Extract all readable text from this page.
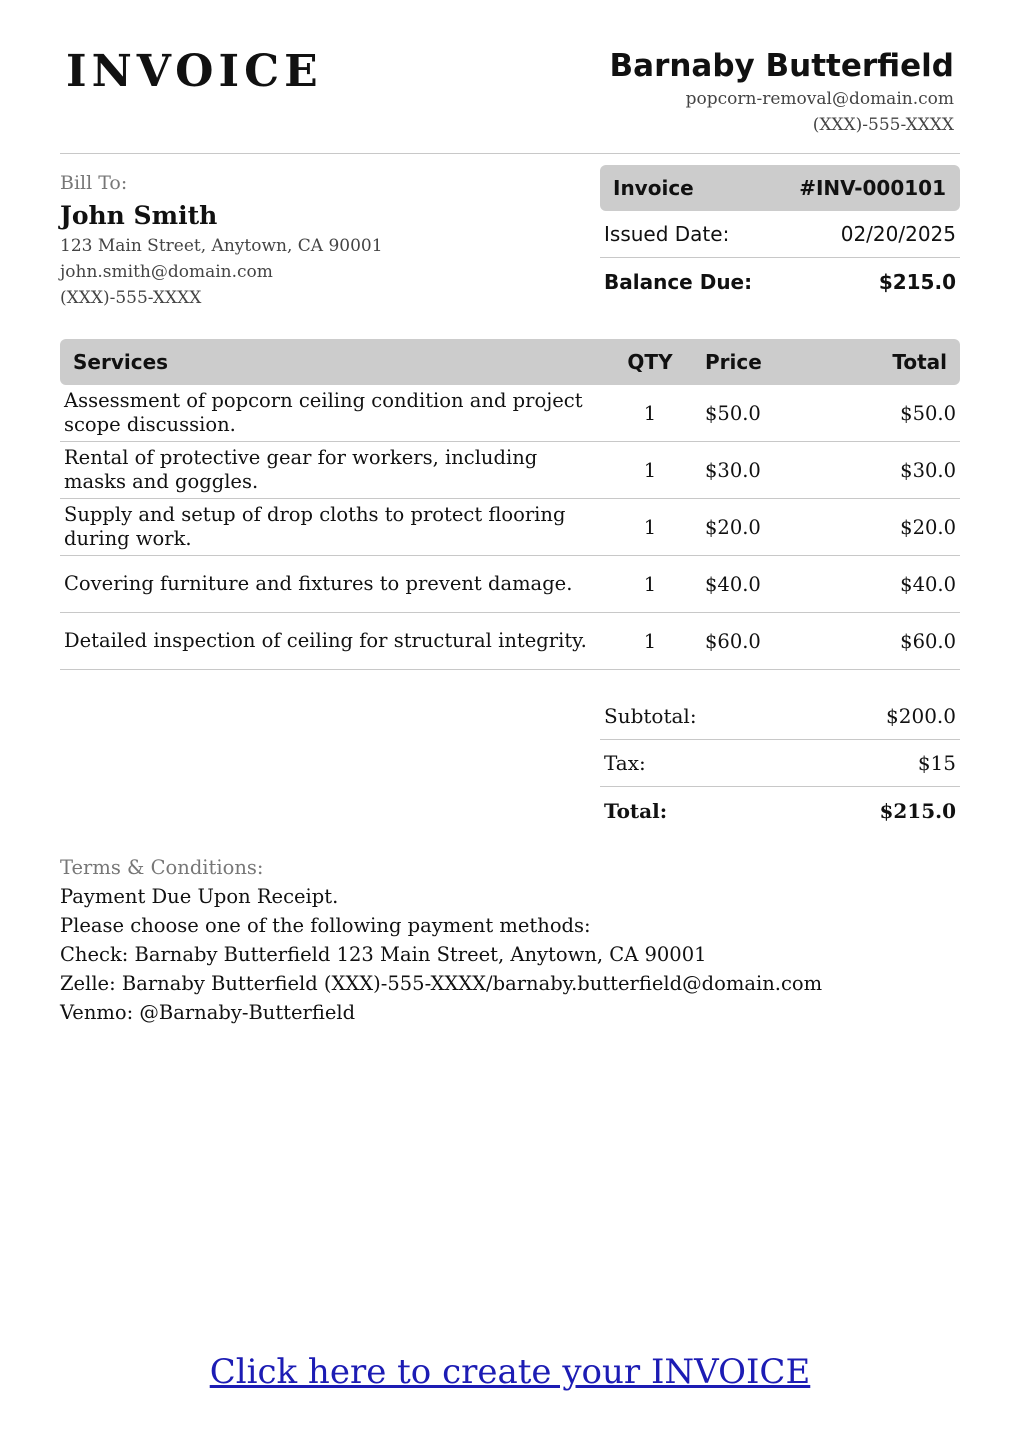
INVOICE	Barnaby Butterfield
popcorn-removal@domain.com
(XXX)-555-XXXX
Bill To:
John Smith
123 Main Street, Anytown, CA 90001
john.smith@domain.com
(XXX)-555-XXXX
Invoice	#INV-000101
Issued Date:	02/20/2025
Balance Due:	$215.0
Services	QTY	Price	Total
Assessment of popcorn ceiling condition and project scope discussion.	1	$50.0	$50.0
Rental of protective gear for workers, including masks and goggles.	1	$30.0	$30.0
Supply and setup of drop cloths to protect flooring during work.	1	$20.0	$20.0
Covering furniture and fixtures to prevent damage.	1	$40.0	$40.0
Detailed inspection of ceiling for structural integrity.	1	$60.0	$60.0
Subtotal:	$200.0
Tax:	$15
Total:	$215.0
Terms & Conditions:
Payment Due Upon Receipt.
Please choose one of the following payment methods:
Check: Barnaby Butterfield 123 Main Street, Anytown, CA 90001
Zelle: Barnaby Butterfield (XXX)-555-XXXX/barnaby.butterfield@domain.com
Venmo: @Barnaby-Butterfield
Click here to create your INVOICE
